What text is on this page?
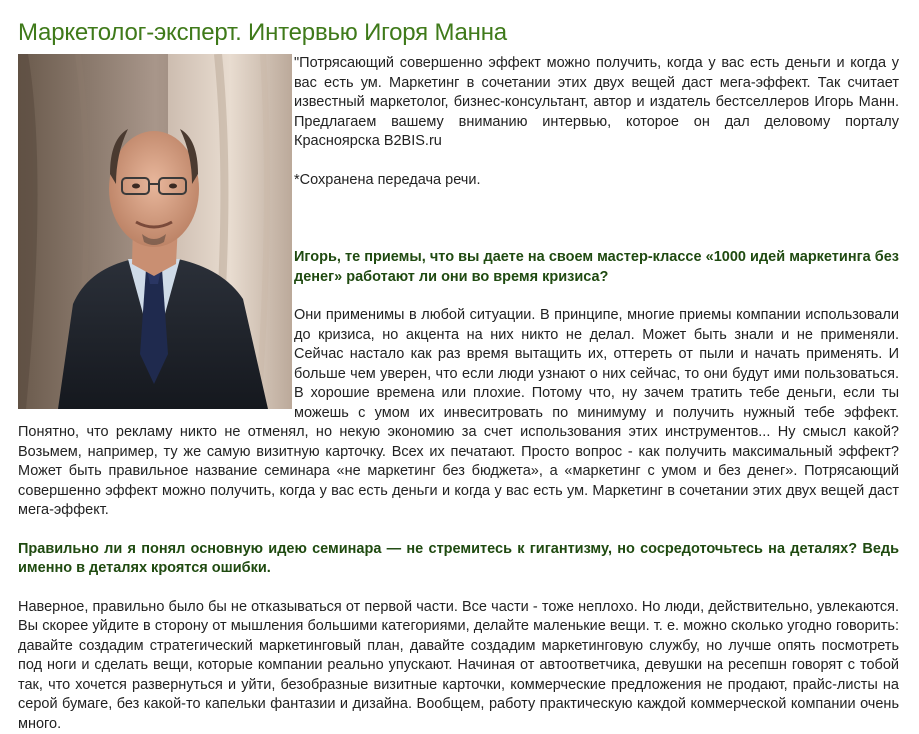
Маркетолог-эксперт. Интервью Игоря Манна

"Потрясающий совершенно эффект можно получить, когда у вас есть деньги и когда у вас есть ум. Маркетинг в сочетании этих двух вещей даст мега-эффект. Так считает известный маркетолог, бизнес-консультант, автор и издатель бестселлеров Игорь Манн. Предлагаем вашему вниманию интервью, которое он дал деловому порталу Красноярска B2BIS.ru

*Сохранена передача речи.

Игорь, те приемы, что вы даете на своем мастер-классе «1000 идей маркетинга без денег» работают ли они во время кризиса?

Они применимы в любой ситуации. В принципе, многие приемы компании использовали до кризиса, но акцента на них никто не делал. Может быть знали и не применяли. Сейчас настало как раз время вытащить их, оттереть от пыли и начать применять. И больше чем уверен, что если люди узнают о них сейчас, то они будут ими пользоваться. В хорошие времена или плохие. Потому что, ну зачем тратить тебе деньги, если ты можешь с умом их инвеситровать по минимуму и получить нужный тебе эффект. Понятно, что рекламу никто не отменял, но некую экономию за счет использования этих инструментов... Ну смысл какой? Возьмем, например, ту же самую визитную карточку. Всех их печатают. Просто вопрос - как получить максимальный эффект? Может быть правильное название семинара «не маркетинг без бюджета», а «маркетинг с умом и без денег». Потрясающий совершенно эффект можно получить, когда у вас есть деньги и когда у вас есть ум. Маркетинг в сочетании этих двух вещей даст мега-эффект.

Правильно ли я понял основную идею семинара — не стремитесь к гигантизму, но сосредоточьтесь на деталях? Ведь именно в деталях кроятся ошибки.

Наверное, правильно было бы не отказываться от первой части. Все части - тоже неплохо. Но люди, действительно, увлекаются. Вы скорее уйдите в сторону от мышления большими категориями, делайте маленькие вещи. т. е. можно сколько угодно говорить: давайте создадим стратегический маркетинговый план, давайте создадим маркетинговую службу, но лучше опять посмотреть под ноги и сделать вещи, которые компании реально упускают. Начиная от автоответчика, девушки на ресепшн говорят с тобой так, что хочется развернуться и уйти, безобразные визитные карточки, коммерческие предложения не продают, прайс-листы на серой бумаге, без какой-то капельки фантазии и дизайна. Вообщем, работу практическую каждой коммерческой компании очень много.
